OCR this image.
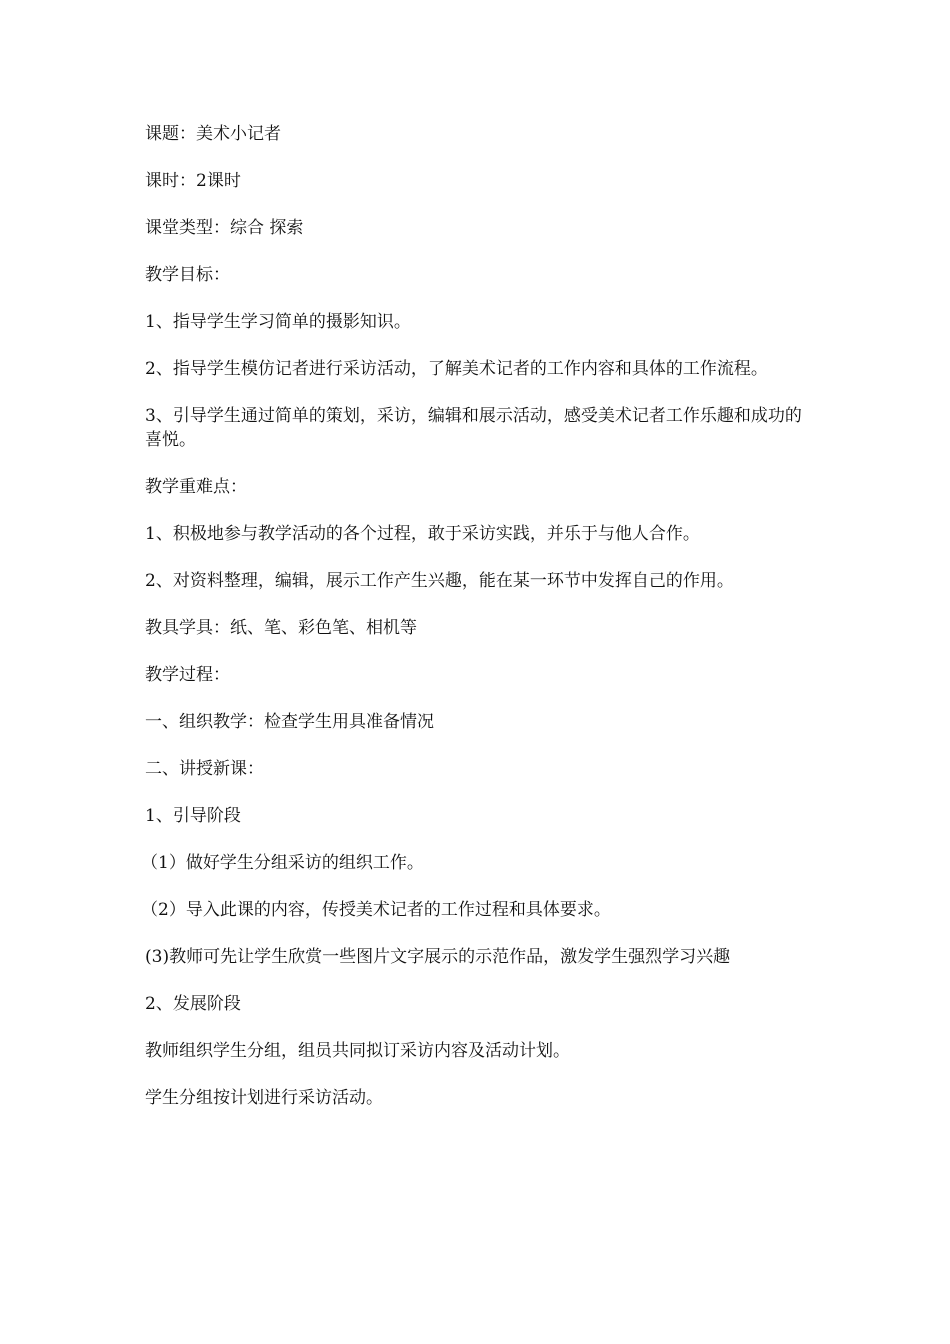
课题：美术小记者

课时：2课时

课堂类型：综合 探索

教学目标：

1、指导学生学习简单的摄影知识。

2、指导学生模仿记者进行采访活动，了解美术记者的工作内容和具体的工作流程。

3、引导学生通过简单的策划，采访，编辑和展示活动，感受美术记者工作乐趣和成功的喜悦。

教学重难点：

1、积极地参与教学活动的各个过程，敢于采访实践，并乐于与他人合作。

2、对资料整理，编辑，展示工作产生兴趣，能在某一环节中发挥自己的作用。

教具学具：纸、笔、彩色笔、相机等

教学过程：

一、组织教学：检查学生用具准备情况

二、讲授新课：

1、引导阶段

（1）做好学生分组采访的组织工作。

（2）导入此课的内容，传授美术记者的工作过程和具体要求。

(3)教师可先让学生欣赏一些图片文字展示的示范作品，激发学生强烈学习兴趣

2、发展阶段

教师组织学生分组，组员共同拟订采访内容及活动计划。

学生分组按计划进行采访活动。
